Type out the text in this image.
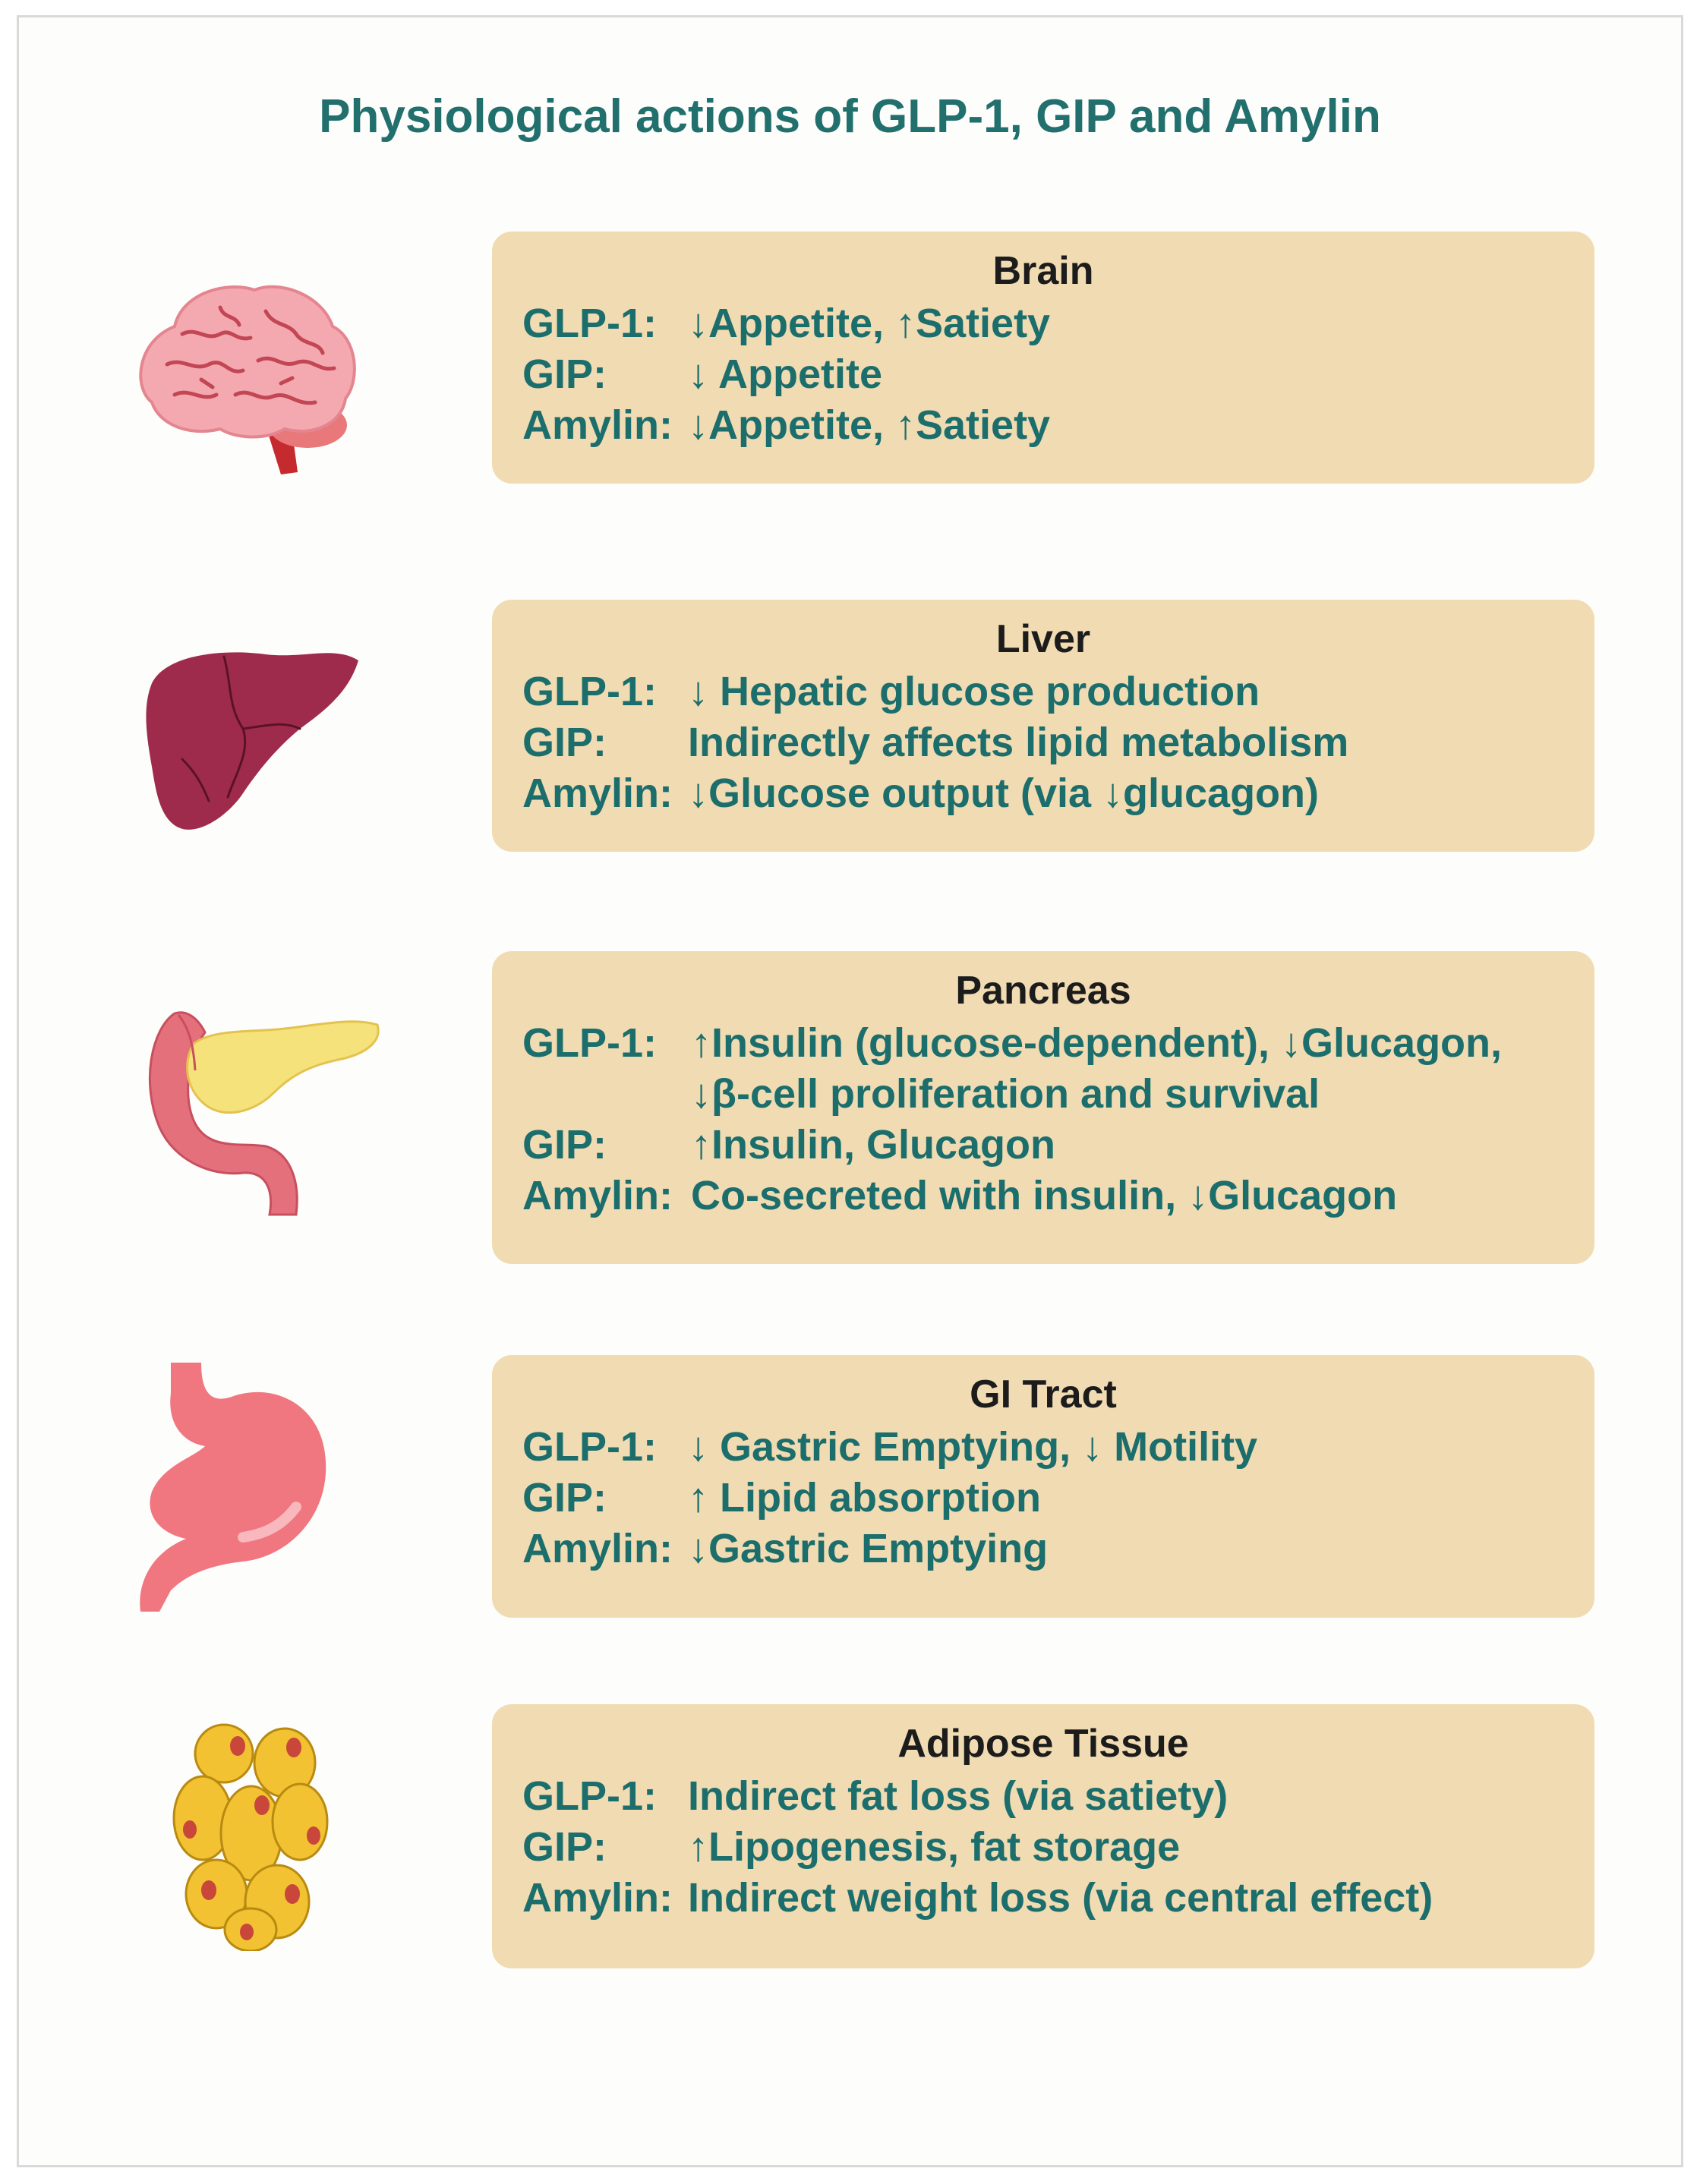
Physiological actions of GLP-1, GIP and Amylin
Brain
GLP-1: ↓Appetite, ↑Satiety
GIP:	↓ Appetite
Amylin: ↓Appetite, ↑Satiety
Liver
GLP-1: ↓ Hepatic glucose production
GIP:	Indirectly affects lipid metabolism
Amylin: ↓Glucose output (via ↓glucagon)
Pancreas
GLP-1: ↑Insulin (glucose-dependent), ↓Glucagon,
↓β-cell proliferation and survival
GIP:	↑Insulin, Glucagon
Amylin: Co-secreted with insulin, ↓Glucagon
GI Tract
GLP-1: ↓ Gastric Emptying, ↓ Motility
GIP:	↑ Lipid absorption
Amylin: ↓Gastric Emptying
Adipose Tissue
GLP-1: Indirect fat loss (via satiety)
GIP:	↑Lipogenesis, fat storage
Amylin: Indirect weight loss (via central effect)
